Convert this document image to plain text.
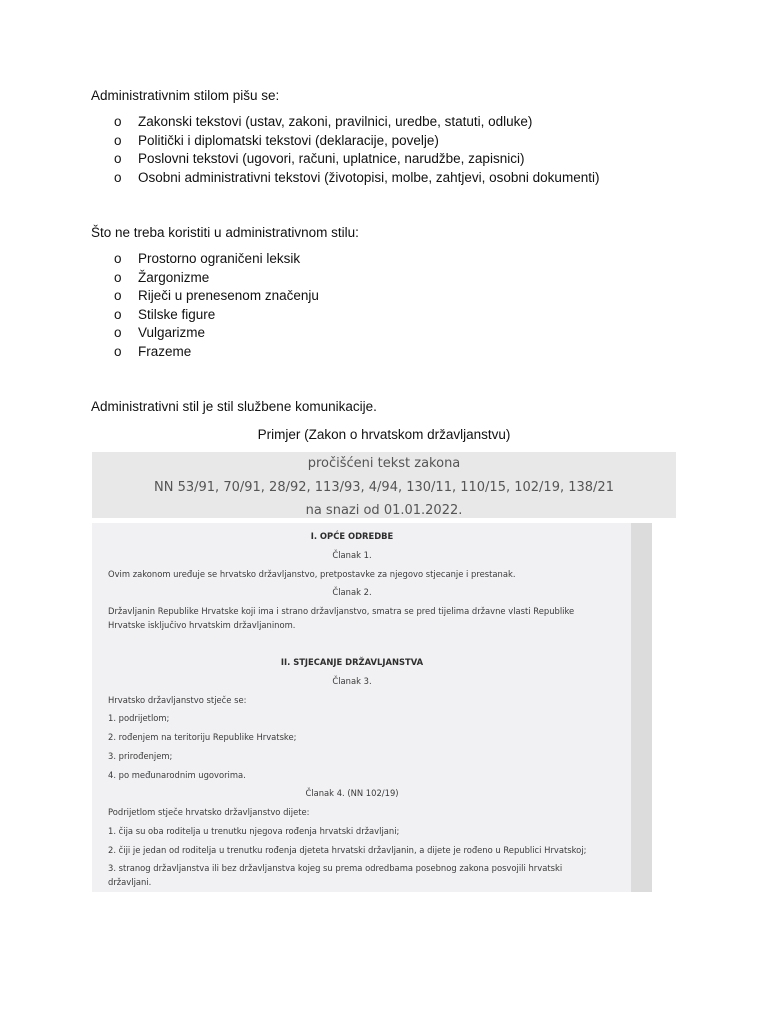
Administrativnim stilom pišu se:
o Zakonski tekstovi (ustav, zakoni, pravilnici, uredbe, statuti, odluke)
o Politički i diplomatski tekstovi (deklaracije, povelje)
o Poslovni tekstovi (ugovori, računi, uplatnice, narudžbe, zapisnici)
o Osobni administrativni tekstovi (životopisi, molbe, zahtjevi, osobni dokumenti)
Što ne treba koristiti u administrativnom stilu:
o Prostorno ograničeni leksik
o Žargonizme
o Riječi u prenesenom značenju
o Stilske figure
o Vulgarizme
o Frazeme
Administrativni stil je stil službene komunikacije.
Primjer (Zakon o hrvatskom državljanstvu)
pročišćeni tekst zakona
NN 53/91, 70/91, 28/92, 113/93, 4/94, 130/11, 110/15, 102/19, 138/21
na snazi od 01.01.2022.
I. OPĆE ODREDBE
Članak 1.
Ovim zakonom uređuje se hrvatsko državljanstvo, pretpostavke za njegovo stjecanje i prestanak.
Članak 2.
Državljanin Republike Hrvatske koji ima i strano državljanstvo, smatra se pred tijelima državne vlasti Republike
Hrvatske isključivo hrvatskim državljaninom.
II. STJECANJE DRŽAVLJANSTVA
Članak 3.
Hrvatsko državljanstvo stječe se:
1. podrijetlom;
2. rođenjem na teritoriju Republike Hrvatske;
3. prirođenjem;
4. po međunarodnim ugovorima.
Članak 4. (NN 102/19)
Podrijetlom stječe hrvatsko državljanstvo dijete:
1. čija su oba roditelja u trenutku njegova rođenja hrvatski državljani;
2. čiji je jedan od roditelja u trenutku rođenja djeteta hrvatski državljanin, a dijete je rođeno u Republici Hrvatskoj;
3. stranog državljanstva ili bez državljanstva kojeg su prema odredbama posebnog zakona posvojili hrvatski
državljani.
